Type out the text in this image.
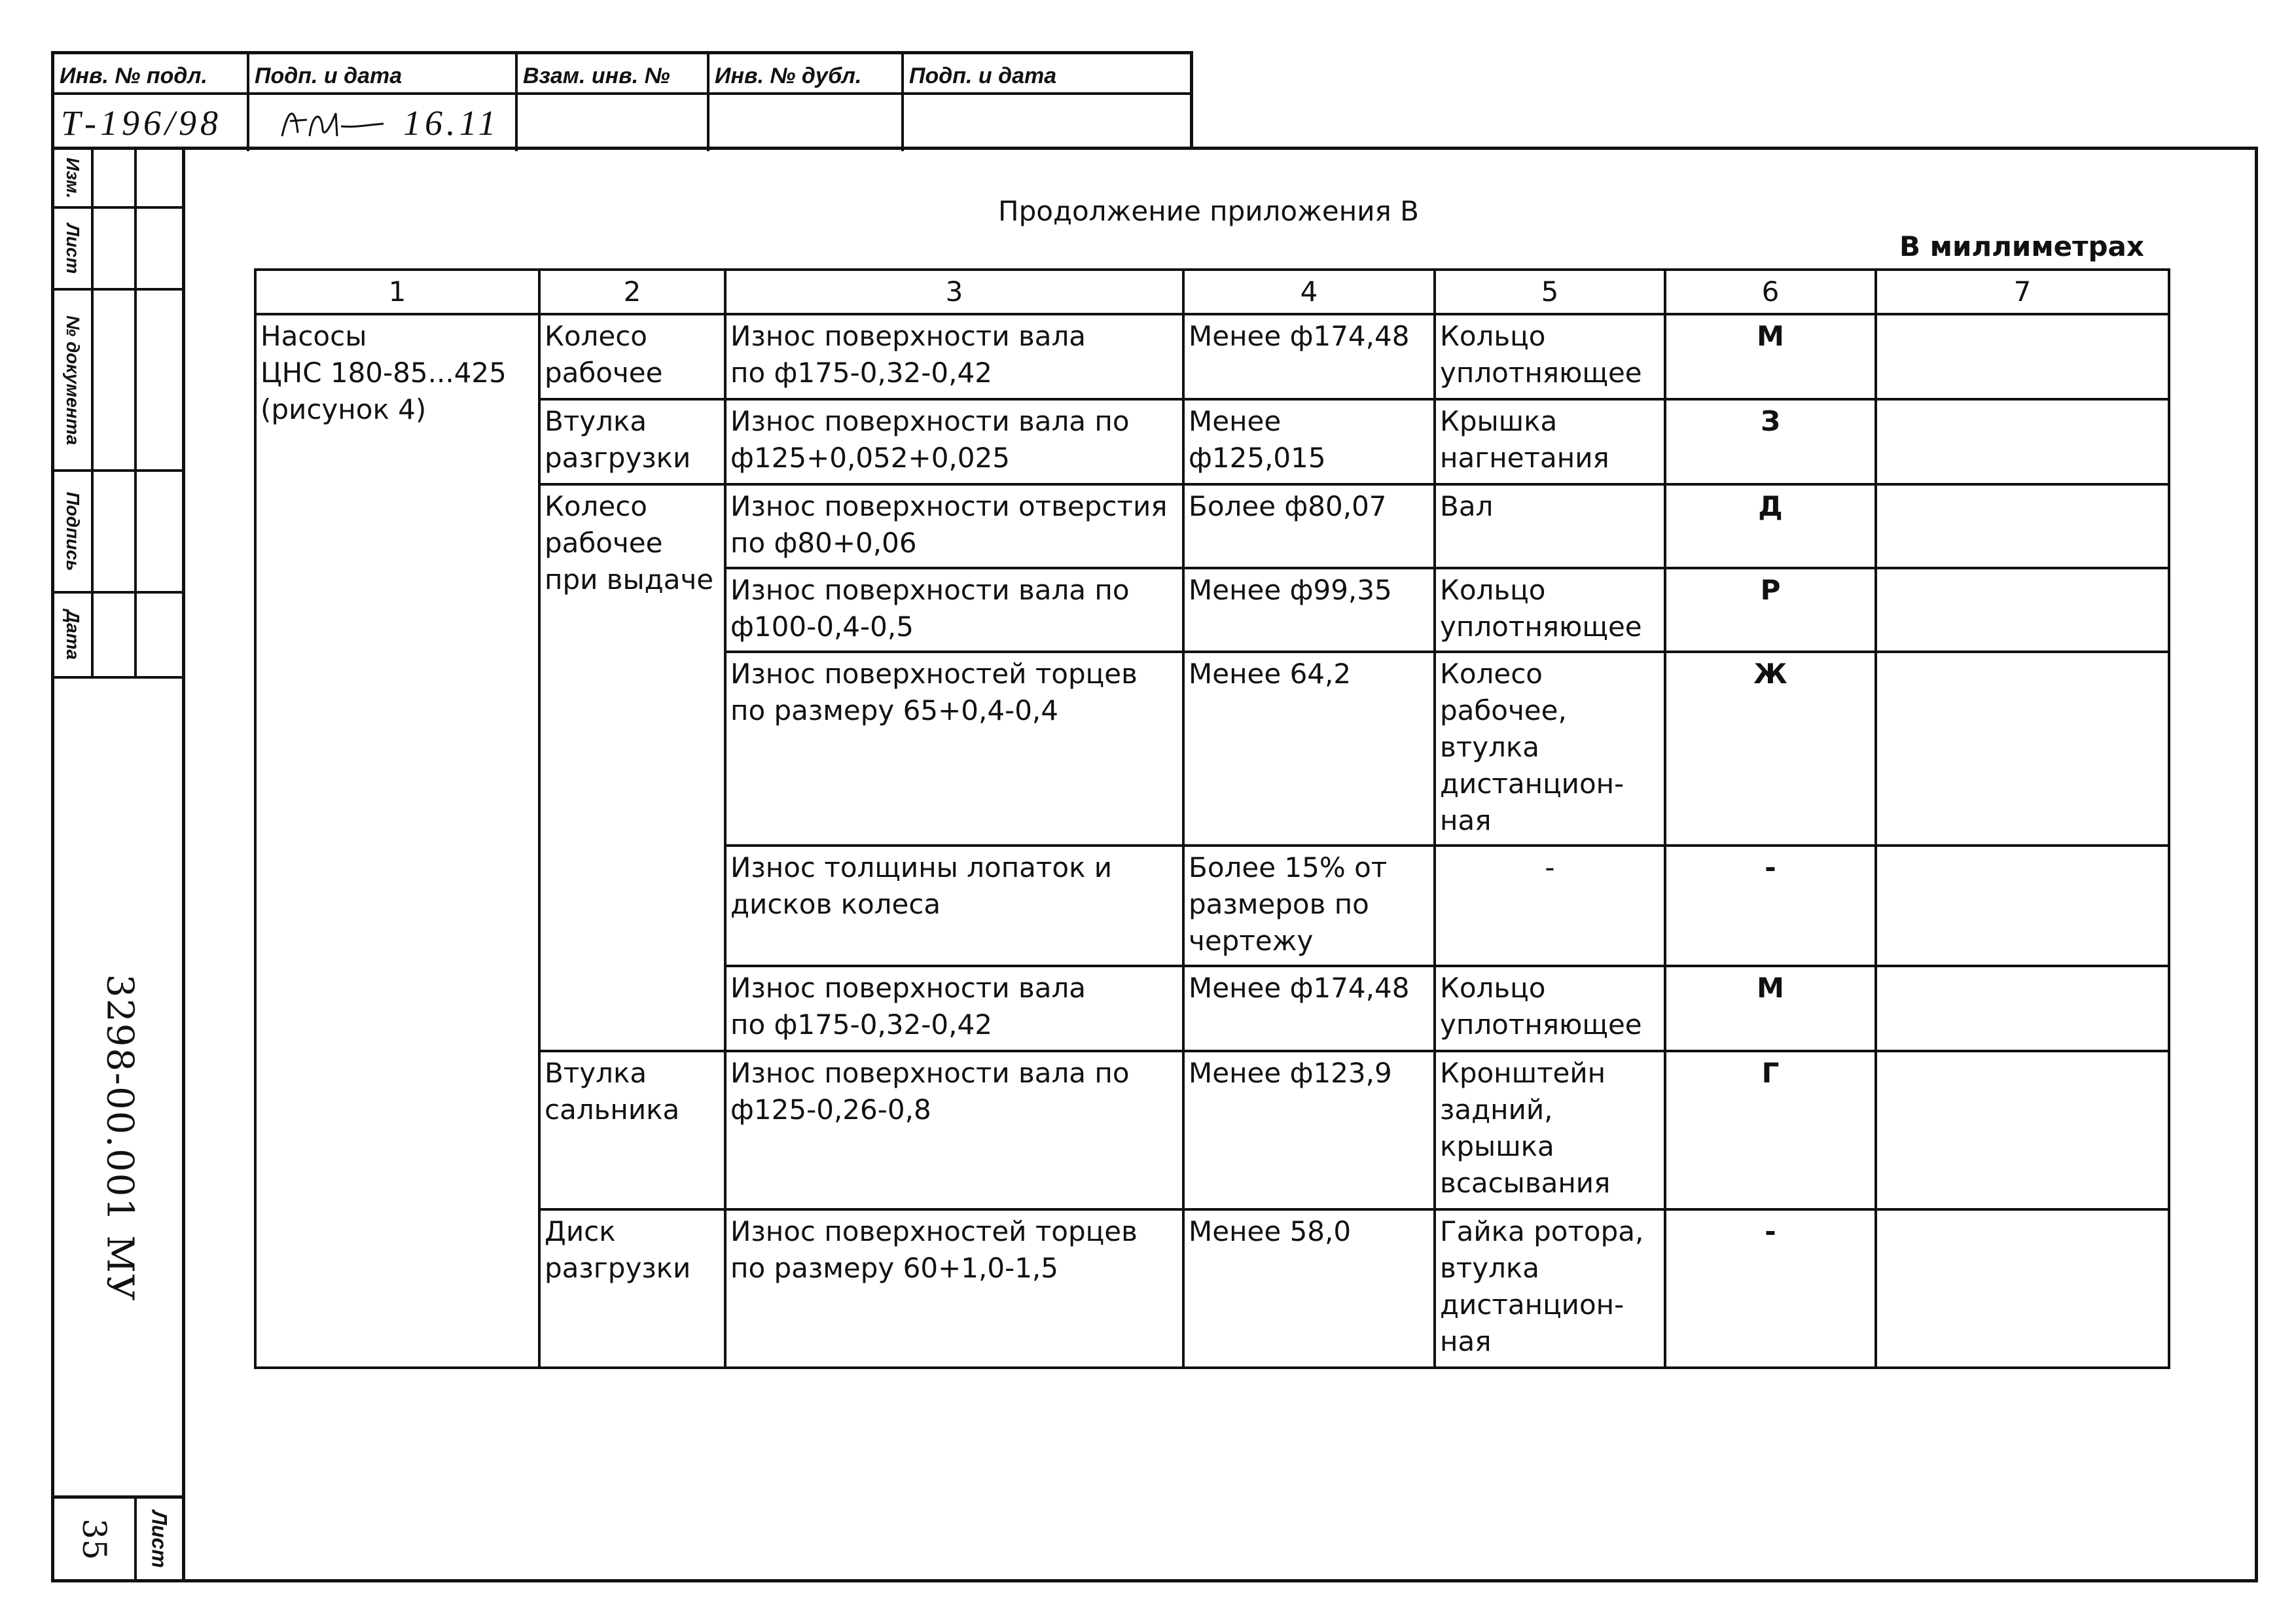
Инв. № подл. Подп. и дата	Взам. инв. № Инв. № дубл. Подп. и дата
Т-196/98	16.11
Изм.
Лист
№ документа
Подпись
Дата
3298-00.001 МУ
35 Лист
Продолжение приложения В
В миллиметрах
1	2	3	4	5	6	7
Насосы
ЦНС 180-85...425
(рисунок 4)	Колесо
рабочее	Износ поверхности вала
по ф175-0,32-0,42	Менее ф174,48	Кольцо
уплотняющее	М	
	Втулка
разгрузки	Износ поверхности вала по
ф125+0,052+0,025	Менее
ф125,015	Крышка
нагнетания	З	
	Колесо
рабочее
при выдаче	Износ поверхности отверстия
по ф80+0,06	Более ф80,07	Вал	Д	
		Износ поверхности вала по
ф100-0,4-0,5	Менее ф99,35	Кольцо
уплотняющее	Р	
		Износ поверхностей торцев
по размеру 65+0,4-0,4	Менее 64,2	Колесо
рабочее,
втулка
дистанцион-
ная	Ж	
		Износ толщины лопаток и
дисков колеса	Более 15% от
размеров по
чертежу	-	-	
		Износ поверхности вала
по ф175-0,32-0,42	Менее ф174,48	Кольцо
уплотняющее	М	
	Втулка
сальника	Износ поверхности вала по
ф125-0,26-0,8	Менее ф123,9	Кронштейн
задний,
крышка
всасывания	Г	
	Диск
разгрузки	Износ поверхностей торцев
по размеру 60+1,0-1,5	Менее 58,0	Гайка ротора,
втулка
дистанцион-
ная	-	
